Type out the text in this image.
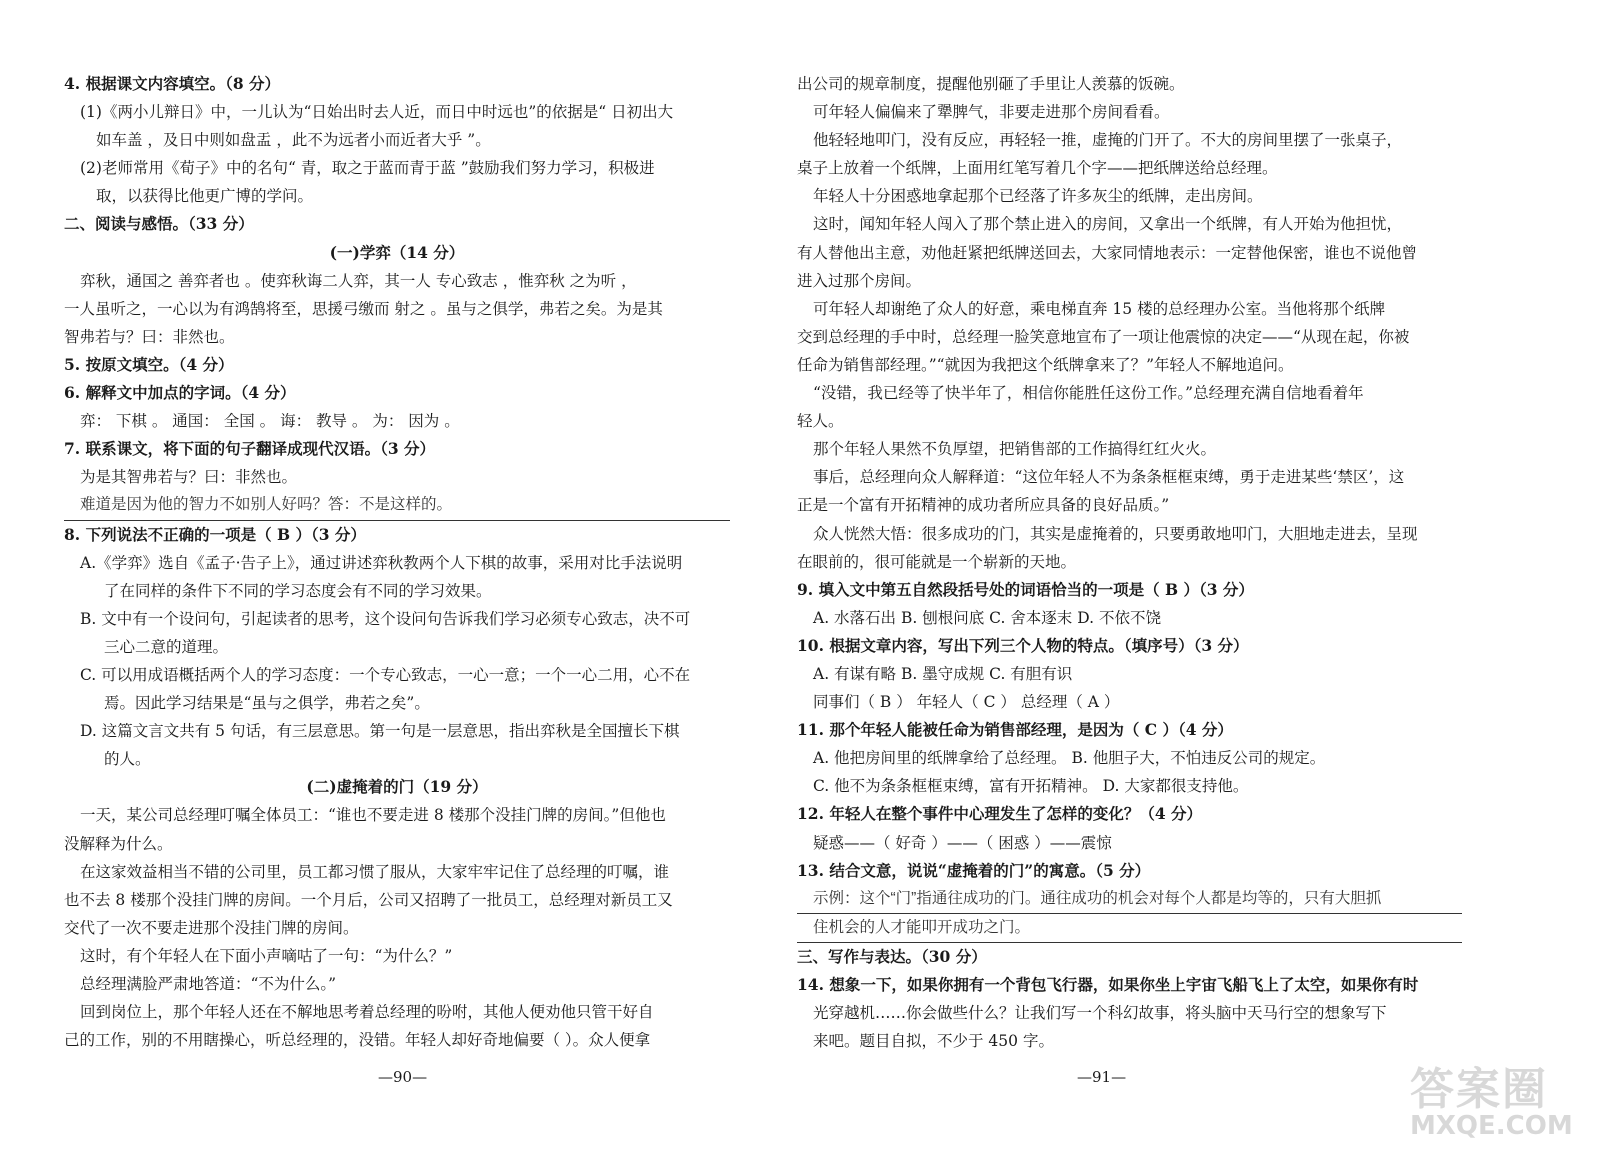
4. 根据课文内容填空。（8 分）
(1)《两小儿辩日》中，一儿认为“日始出时去人近，而日中时远也”的依据是“ 日初出大
如车盖 ，及日中则如盘盂 ，此不为远者小而近者大乎 ”。
(2)老师常用《荀子》中的名句“ 青，取之于蓝而青于蓝 ”鼓励我们努力学习，积极进
取，以获得比他更广博的学问。
二、阅读与感悟。（33 分）
(一)学弈（14 分）
弈秋，通国之 善弈者也 。使弈秋诲二人弈，其一人 专心致志 ，惟弈秋 之为听 ，
一人虽听之，一心以为有鸿鹄将至，思援弓缴而 射之 。虽与之俱学，弗若之矣。为是其
智弗若与？曰：非然也。
5. 按原文填空。（4 分）
6. 解释文中加点的字词。（4 分）
弈： 下棋 。 通国： 全国 。 诲： 教导 。 为： 因为 。
7. 联系课文，将下面的句子翻译成现代汉语。（3 分）
为是其智弗若与？曰：非然也。
难道是因为他的智力不如别人好吗？答：不是这样的。
8. 下列说法不正确的一项是（ B ）（3 分）
A.《学弈》选自《孟子·告子上》，通过讲述弈秋教两个人下棋的故事，采用对比手法说明
了在同样的条件下不同的学习态度会有不同的学习效果。
B. 文中有一个设问句，引起读者的思考，这个设问句告诉我们学习必须专心致志，决不可
三心二意的道理。
C. 可以用成语概括两个人的学习态度：一个专心致志，一心一意；一个一心二用，心不在
焉。因此学习结果是“虽与之俱学，弗若之矣”。
D. 这篇文言文共有 5 句话，有三层意思。第一句是一层意思，指出弈秋是全国擅长下棋
的人。
(二)虚掩着的门（19 分）
一天，某公司总经理叮嘱全体员工：“谁也不要走进 8 楼那个没挂门牌的房间。”但他也
没解释为什么。
在这家效益相当不错的公司里，员工都习惯了服从，大家牢牢记住了总经理的叮嘱，谁
也不去 8 楼那个没挂门牌的房间。一个月后，公司又招聘了一批员工，总经理对新员工又
交代了一次不要走进那个没挂门牌的房间。
这时，有个年轻人在下面小声嘀咕了一句：“为什么？”
总经理满脸严肃地答道：“不为什么。”
回到岗位上，那个年轻人还在不解地思考着总经理的吩咐，其他人便劝他只管干好自
己的工作，别的不用瞎操心，听总经理的，没错。年轻人却好奇地偏要（ ）。众人便拿
出公司的规章制度，提醒他别砸了手里让人羡慕的饭碗。
可年轻人偏偏来了犟脾气，非要走进那个房间看看。
他轻轻地叩门，没有反应，再轻轻一推，虚掩的门开了。不大的房间里摆了一张桌子，
桌子上放着一个纸牌，上面用红笔写着几个字——把纸牌送给总经理。
年轻人十分困惑地拿起那个已经落了许多灰尘的纸牌，走出房间。
这时，闻知年轻人闯入了那个禁止进入的房间，又拿出一个纸牌，有人开始为他担忧，
有人替他出主意，劝他赶紧把纸牌送回去，大家同情地表示：一定替他保密，谁也不说他曾
进入过那个房间。
可年轻人却谢绝了众人的好意，乘电梯直奔 15 楼的总经理办公室。当他将那个纸牌
交到总经理的手中时，总经理一脸笑意地宣布了一项让他震惊的决定——“从现在起，你被
任命为销售部经理。”“就因为我把这个纸牌拿来了？”年轻人不解地追问。
“没错，我已经等了快半年了，相信你能胜任这份工作。”总经理充满自信地看着年
轻人。
那个年轻人果然不负厚望，把销售部的工作搞得红红火火。
事后，总经理向众人解释道：“这位年轻人不为条条框框束缚，勇于走进某些‘禁区’，这
正是一个富有开拓精神的成功者所应具备的良好品质。”
众人恍然大悟：很多成功的门，其实是虚掩着的，只要勇敢地叩门，大胆地走进去，呈现
在眼前的，很可能就是一个崭新的天地。
9. 填入文中第五自然段括号处的词语恰当的一项是（ B ）（3 分）
A. 水落石出 B. 刨根问底 C. 舍本逐末 D. 不依不饶
10. 根据文章内容，写出下列三个人物的特点。（填序号）（3 分）
A. 有谋有略 B. 墨守成规 C. 有胆有识
同事们（ B ） 年轻人（ C ） 总经理（ A ）
11. 那个年轻人能被任命为销售部经理，是因为（ C ）（4 分）
A. 他把房间里的纸牌拿给了总经理。 B. 他胆子大，不怕违反公司的规定。
C. 他不为条条框框束缚，富有开拓精神。 D. 大家都很支持他。
12. 年轻人在整个事件中心理发生了怎样的变化？（4 分）
疑惑——（ 好奇 ）——（ 困惑 ）——震惊
13. 结合文意，说说“虚掩着的门”的寓意。（5 分）
示例：这个“门”指通往成功的门。通往成功的机会对每个人都是均等的，只有大胆抓
住机会的人才能叩开成功之门。
三、写作与表达。（30 分）
14. 想象一下，如果你拥有一个背包飞行器，如果你坐上宇宙飞船飞上了太空，如果你有时
光穿越机……你会做些什么？让我们写一个科幻故事，将头脑中天马行空的想象写下
来吧。题目自拟，不少于 450 字。
—90—	—91—	答案圈
MXQE.COM
